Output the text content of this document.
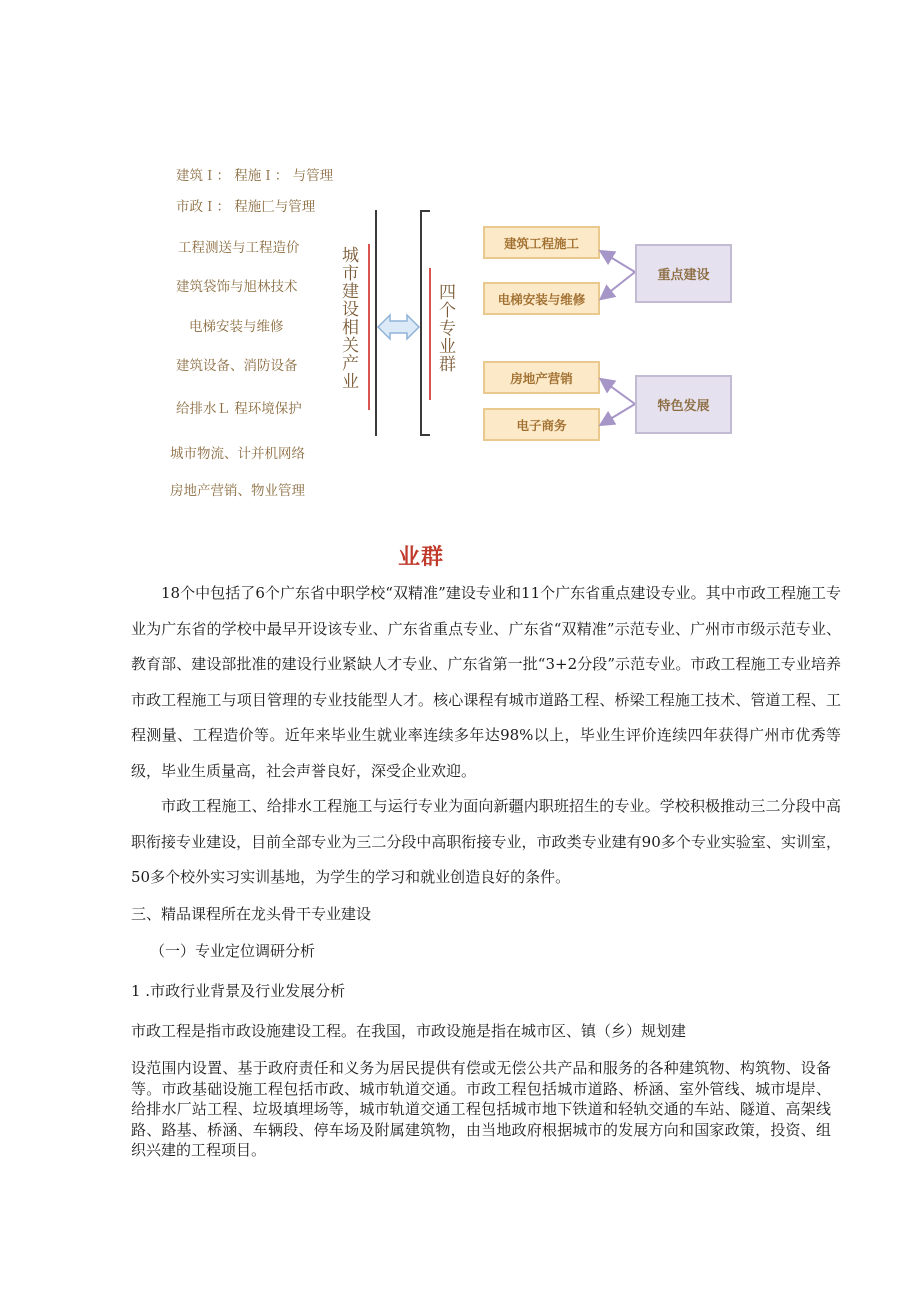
建筑Ｉ： 程施Ｉ： 与管理
市政Ｉ： 程施匚与管理
工程测送与工程造价
建筑袋饰与旭林技术
电梯安装与维修
建筑设备、消防设备
给排水Ｌ 程环境保护
城市物流、计并机网络
房地产营销、物业管理
城市建设相关产业	四个专业群
建筑工程施工
电梯安装与维修
房地产营销
电子商务
重点建设
特色发展
业群

18个中包括了6个广东省中职学校“双精准”建设专业和11个广东省重点建设专业。其中市政工程施工专业为广东省的学校中最早开设该专业、广东省重点专业、广东省“双精准”示范专业、广州市市级示范专业、教育部、建设部批准的建设行业紧缺人才专业、广东省第一批“3+2分段”示范专业。市政工程施工专业培养市政工程施工与项目管理的专业技能型人才。核心课程有城市道路工程、桥梁工程施工技术、管道工程、工程测量、工程造价等。近年来毕业生就业率连续多年达98%以上，毕业生评价连续四年获得广州市优秀等级，毕业生质量高，社会声誉良好，深受企业欢迎。

市政工程施工、给排水工程施工与运行专业为面向新疆内职班招生的专业。学校积极推动三二分段中高职衔接专业建设，目前全部专业为三二分段中高职衔接专业，市政类专业建有90多个专业实验室、实训室，50多个校外实习实训基地，为学生的学习和就业创造良好的条件。

三、精品课程所在龙头骨干专业建设

（一）专业定位调研分析

1 .市政行业背景及行业发展分析

市政工程是指市政设施建设工程。在我国，市政设施是指在城市区、镇（乡）规划建

设范围内设置、基于政府责任和义务为居民提供有偿或无偿公共产品和服务的各种建筑物、构筑物、设备等。市政基础设施工程包括市政、城市轨道交通。市政工程包括城市道路、桥涵、室外管线、城市堤岸、给排水厂站工程、垃圾填埋场等，城市轨道交通工程包括城市地下铁道和轻轨交通的车站、隧道、高架线路、路基、桥涵、车辆段、停车场及附属建筑物，由当地政府根据城市的发展方向和国家政策，投资、组织兴建的工程项目。
